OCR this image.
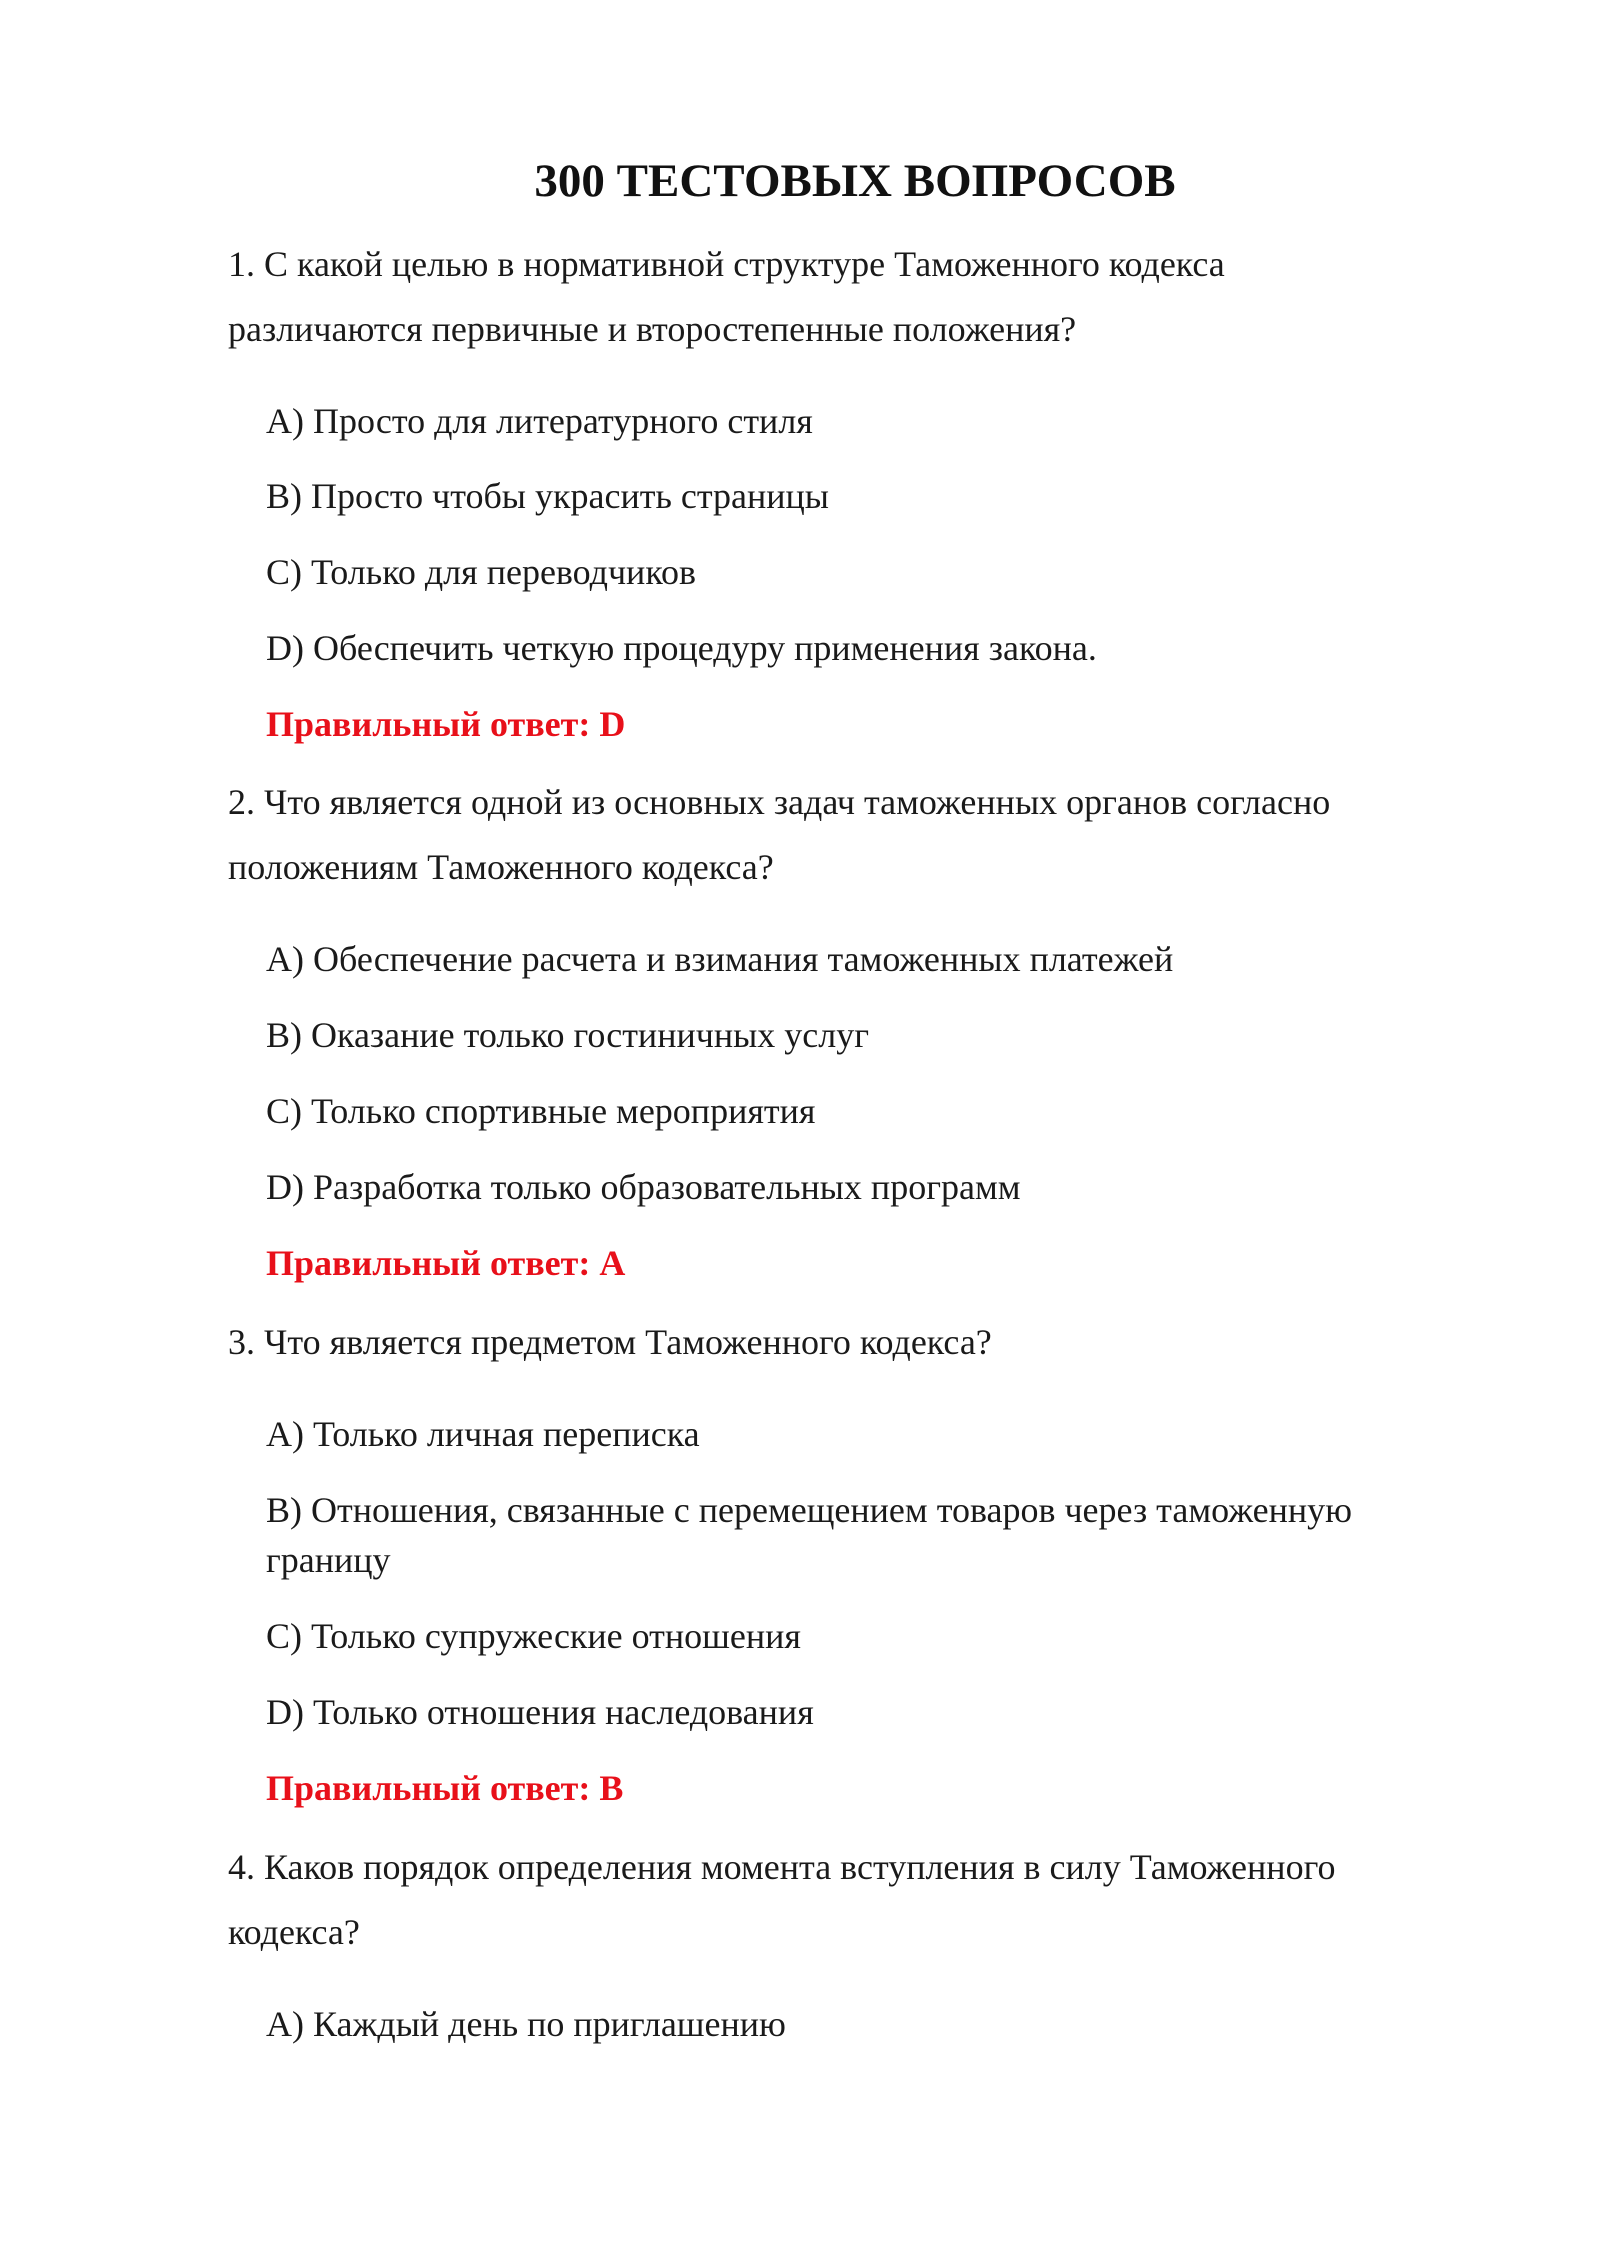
300 ТЕСТОВЫХ ВОПРОСОВ
1. С какой целью в нормативной структуре Таможенного кодекса различаются первичные и второстепенные положения?
A) Просто для литературного стиля
B) Просто чтобы украсить страницы
C) Только для переводчиков
D) Обеспечить четкую процедуру применения закона.
Правильный ответ: D
2. Что является одной из основных задач таможенных органов согласно положениям Таможенного кодекса?
A) Обеспечение расчета и взимания таможенных платежей
B) Оказание только гостиничных услуг
C) Только спортивные мероприятия
D) Разработка только образовательных программ
Правильный ответ: A
3. Что является предметом Таможенного кодекса?
A) Только личная переписка
B) Отношения, связанные с перемещением товаров через таможенную границу
C) Только супружеские отношения
D) Только отношения наследования
Правильный ответ: B
4. Каков порядок определения момента вступления в силу Таможенного кодекса?
A) Каждый день по приглашению
